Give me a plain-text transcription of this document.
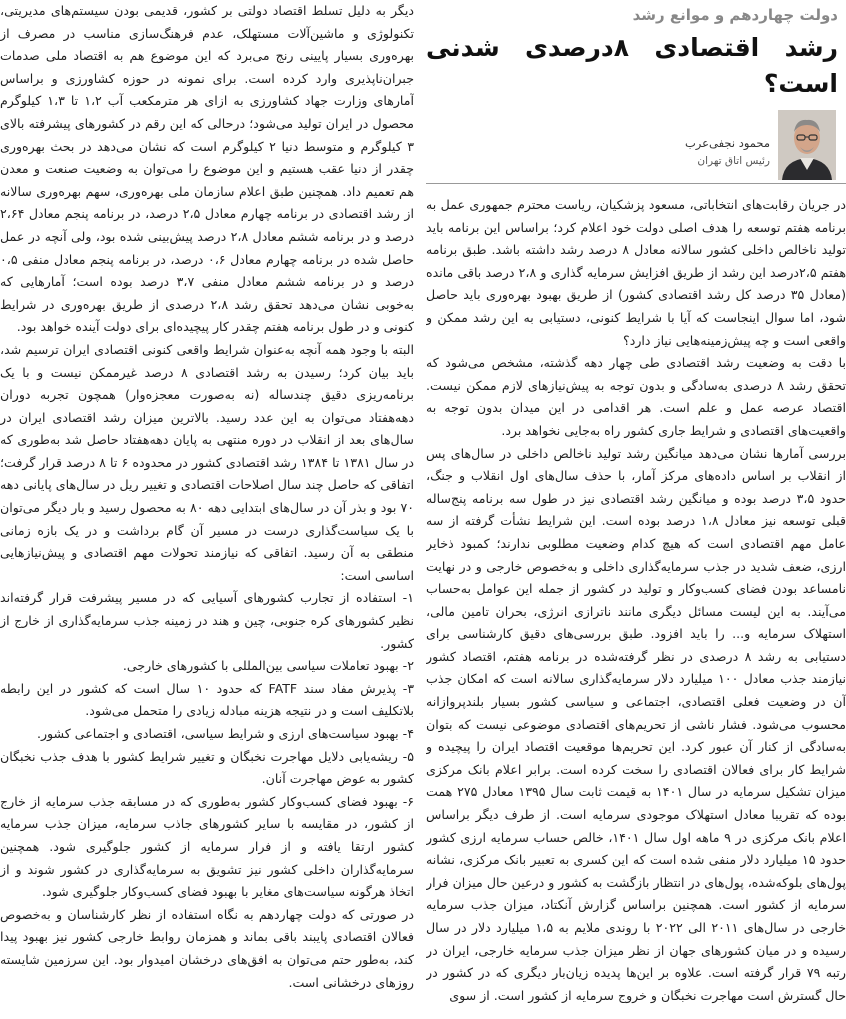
دولت چهاردهم و موانع رشد
رشد اقتصادی ۸درصدی شدنی است؟
محمود نجفی‌عرب
رئیس اتاق تهران

در جریان رقابت‌های انتخاباتی، مسعود پزشکیان، ریاست محترم جمهوری عمل به برنامه هفتم توسعه را هدف اصلی دولت خود اعلام کرد؛ براساس این برنامه باید تولید ناخالص داخلی کشور سالانه معادل ۸ درصد رشد داشته باشد. طبق برنامه هفتم ۲،۵درصد این رشد از طریق افزایش سرمایه گذاری و ۲،۸ درصد باقی مانده (معادل ۳۵ درصد کل رشد اقتصادی کشور) از طریق بهبود بهره‌وری باید حاصل شود، اما سوال اینجاست که آیا با شرایط کنونی، دستیابی به این رشد ممکن و واقعی است و چه پیش‌زمینه‌هایی نیاز دارد؟

با دقت به وضعیت رشد اقتصادی طی چهار دهه گذشته، مشخص می‌شود که تحقق رشد ۸ درصدی به‌سادگی و بدون توجه به پیش‌نیازهای لازم ممکن نیست. اقتصاد عرصه عمل و علم است. هر اقدامی در این میدان بدون توجه به واقعیت‌های اقتصادی و شرایط جاری کشور راه به‌جایی نخواهد برد.

بررسی آمارها نشان می‌دهد میانگین رشد تولید ناخالص داخلی در سال‌های پس از انقلاب بر اساس داده‌های مرکز آمار، با حذف سال‌های اول انقلاب و جنگ، حدود ۳،۵ درصد بوده و میانگین رشد اقتصادی نیز در طول سه برنامه پنج‌ساله قبلی توسعه نیز معادل ۱،۸ درصد بوده است. این شرایط نشأت گرفته از سه عامل مهم اقتصادی است که هیچ کدام وضعیت مطلوبی ندارند؛ کمبود ذخایر ارزی، ضعف شدید در جذب سرمایه‌گذاری داخلی و به‌خصوص خارجی و در نهایت نامساعد بودن فضای کسب‌وکار و تولید در کشور از جمله این عوامل به‌حساب می‌آیند. به این لیست مسائل دیگری مانند ناترازی انرژی، بحران تامین مالی، استهلاک سرمایه و... را باید افزود. طبق بررسی‌های دقیق کارشناسی برای دستیابی به رشد ۸ درصدی در نظر گرفته‌شده در برنامه هفتم، اقتصاد کشور نیازمند جذب معادل ۱۰۰ میلیارد دلار سرمایه‌گذاری سالانه است که امکان جذب آن در وضعیت فعلی اقتصادی، اجتماعی و سیاسی کشور بسیار بلندپروازانه محسوب می‌شود. فشار ناشی از تحریم‌های اقتصادی موضوعی نیست که بتوان به‌سادگی از کنار آن عبور کرد. این تحریم‌ها موقعیت اقتصاد ایران را پیچیده و شرایط کار برای فعالان اقتصادی را سخت کرده است. برابر اعلام بانک مرکزی میزان تشکیل سرمایه در سال ۱۴۰۱ به قیمت ثابت سال ۱۳۹۵ معادل ۲۷۵ همت بوده که تقریبا معادل استهلاک موجودی سرمایه است. از طرف دیگر براساس اعلام بانک مرکزی در ۹ ماهه اول سال ۱۴۰۱، خالص حساب سرمایه ارزی کشور حدود ۱۵ میلیارد دلار منفی شده است که این کسری به تعبیر بانک مرکزی، نشانه پول‌های بلوکه‌شده، پول‌های در انتظار بازگشت به کشور و درعین حال میزان فرار سرمایه از کشور است. همچنین براساس گزارش آنکتاد، میزان جذب سرمایه خارجی در سال‌های ۲۰۱۱ الی ۲۰۲۲ با روندی ملایم به ۱،۵ میلیارد دلار در سال رسیده و در میان کشورهای جهان از نظر میزان جذب سرمایه خارجی، ایران در رتبه ۷۹ قرار گرفته است. علاوه بر این‌ها پدیده زیان‌بار دیگری که در کشور در حال گسترش است مهاجرت نخبگان و خروج سرمایه از کشور است. از سوی

دیگر به دلیل تسلط اقتصاد دولتی بر کشور، قدیمی بودن سیستم‌های مدیریتی، تکنولوژی و ماشین‌آلات مستهلک، عدم فرهنگ‌سازی مناسب در مصرف از بهره‌وری بسیار پایینی رنج می‌برد که این موضوع هم به اقتصاد ملی صدمات جبران‌ناپذیری وارد کرده است. برای نمونه در حوزه کشاورزی و براساس آمارهای وزارت جهاد کشاورزی به ازای هر مترمکعب آب ۱،۲ تا ۱،۳ کیلوگرم محصول در ایران تولید می‌شود؛ درحالی که این رقم در کشورهای پیشرفته بالای ۳ کیلوگرم و متوسط دنیا ۲ کیلوگرم است که نشان می‌دهد در بحث بهره‌وری چقدر از دنیا عقب هستیم و این موضوع را می‌توان به وضعیت صنعت و معدن هم تعمیم داد. همچنین طبق اعلام سازمان ملی بهره‌وری، سهم بهره‌وری سالانه از رشد اقتصادی در برنامه چهارم معادل ۲،۵ درصد، در برنامه پنجم معادل ۲،۶۴ درصد و در برنامه ششم معادل ۲،۸ درصد پیش‌بینی شده بود، ولی آنچه در عمل حاصل شده در برنامه چهارم معادل ۰،۶ درصد، در برنامه پنجم معادل منفی ۰،۵ درصد و در برنامه ششم معادل منفی ۳،۷ درصد بوده است؛ آمارهایی که به‌خوبی نشان می‌دهد تحقق رشد ۲،۸ درصدی از طریق بهره‌وری در شرایط کنونی و در طول برنامه هفتم چقدر کار پیچیده‌ای برای دولت آینده خواهد بود.

البته با وجود همه آنچه به‌عنوان شرایط واقعی کنونی اقتصادی ایران ترسیم شد، باید بیان کرد؛ رسیدن به رشد اقتصادی ۸ درصد غیرممکن نیست و با یک برنامه‌ریزی دقیق چندساله (نه به‌صورت معجزه‌وار) همچون تجربه دوران دهه‌هفتاد می‌توان به این عدد رسید. بالاترین میزان رشد اقتصادی ایران در سال‌های بعد از انقلاب در دوره منتهی به پایان دهه‌هفتاد حاصل شد به‌طوری که در سال ۱۳۸۱ تا ۱۳۸۴ رشد اقتصادی کشور در محدوده ۶ تا ۸ درصد قرار گرفت؛ اتفاقی که حاصل چند سال اصلاحات اقتصادی و تغییر ریل در سال‌های پایانی دهه ۷۰ بود و بذر آن در سال‌های ابتدایی دهه ۸۰ به محصول رسید و بار دیگر می‌توان با یک سیاست‌گذاری درست در مسیر آن گام برداشت و در یک بازه زمانی منطقی به آن رسید. اتفاقی که نیازمند تحولات مهم اقتصادی و پیش‌نیازهایی اساسی است:

۱- استفاده از تجارب کشورهای آسیایی که در مسیر پیشرفت قرار گرفته‌اند نظیر کشورهای کره جنوبی، چین و هند در زمینه جذب سرمایه‌گذاری از خارج از کشور.

۲- بهبود تعاملات سیاسی بین‌المللی با کشورهای خارجی.

۳- پذیرش مفاد سند FATF که حدود ۱۰ سال است که کشور در این رابطه بلاتکلیف است و در نتیجه هزینه مبادله زیادی را متحمل می‌شود.

۴- بهبود سیاست‌های ارزی و شرایط سیاسی، اقتصادی و اجتماعی کشور.

۵- ریشه‌یابی دلایل مهاجرت نخبگان و تغییر شرایط کشور با هدف جذب نخبگان کشور به عوض مهاجرت آنان.

۶- بهبود فضای کسب‌وکار کشور به‌طوری که در مسابقه جذب سرمایه از خارج از کشور، در مقایسه با سایر کشورهای جاذب سرمایه، میزان جذب سرمایه کشور ارتقا یافته و از فرار سرمایه از کشور جلوگیری شود. همچنین سرمایه‌گذاران داخلی کشور نیز تشویق به سرمایه‌گذاری در کشور شوند و از اتخاذ هرگونه سیاست‌های مغایر با بهبود فضای کسب‌وکار جلوگیری شود.

در صورتی که دولت چهاردهم به نگاه استفاده از نظر کارشناسان و به‌خصوص فعالان اقتصادی پایبند باقی بماند و همزمان روابط خارجی کشور نیز بهبود پیدا کند، به‌طور حتم می‌توان به افق‌های درخشان امیدوار بود. این سرزمین شایسته روزهای درخشانی است.
